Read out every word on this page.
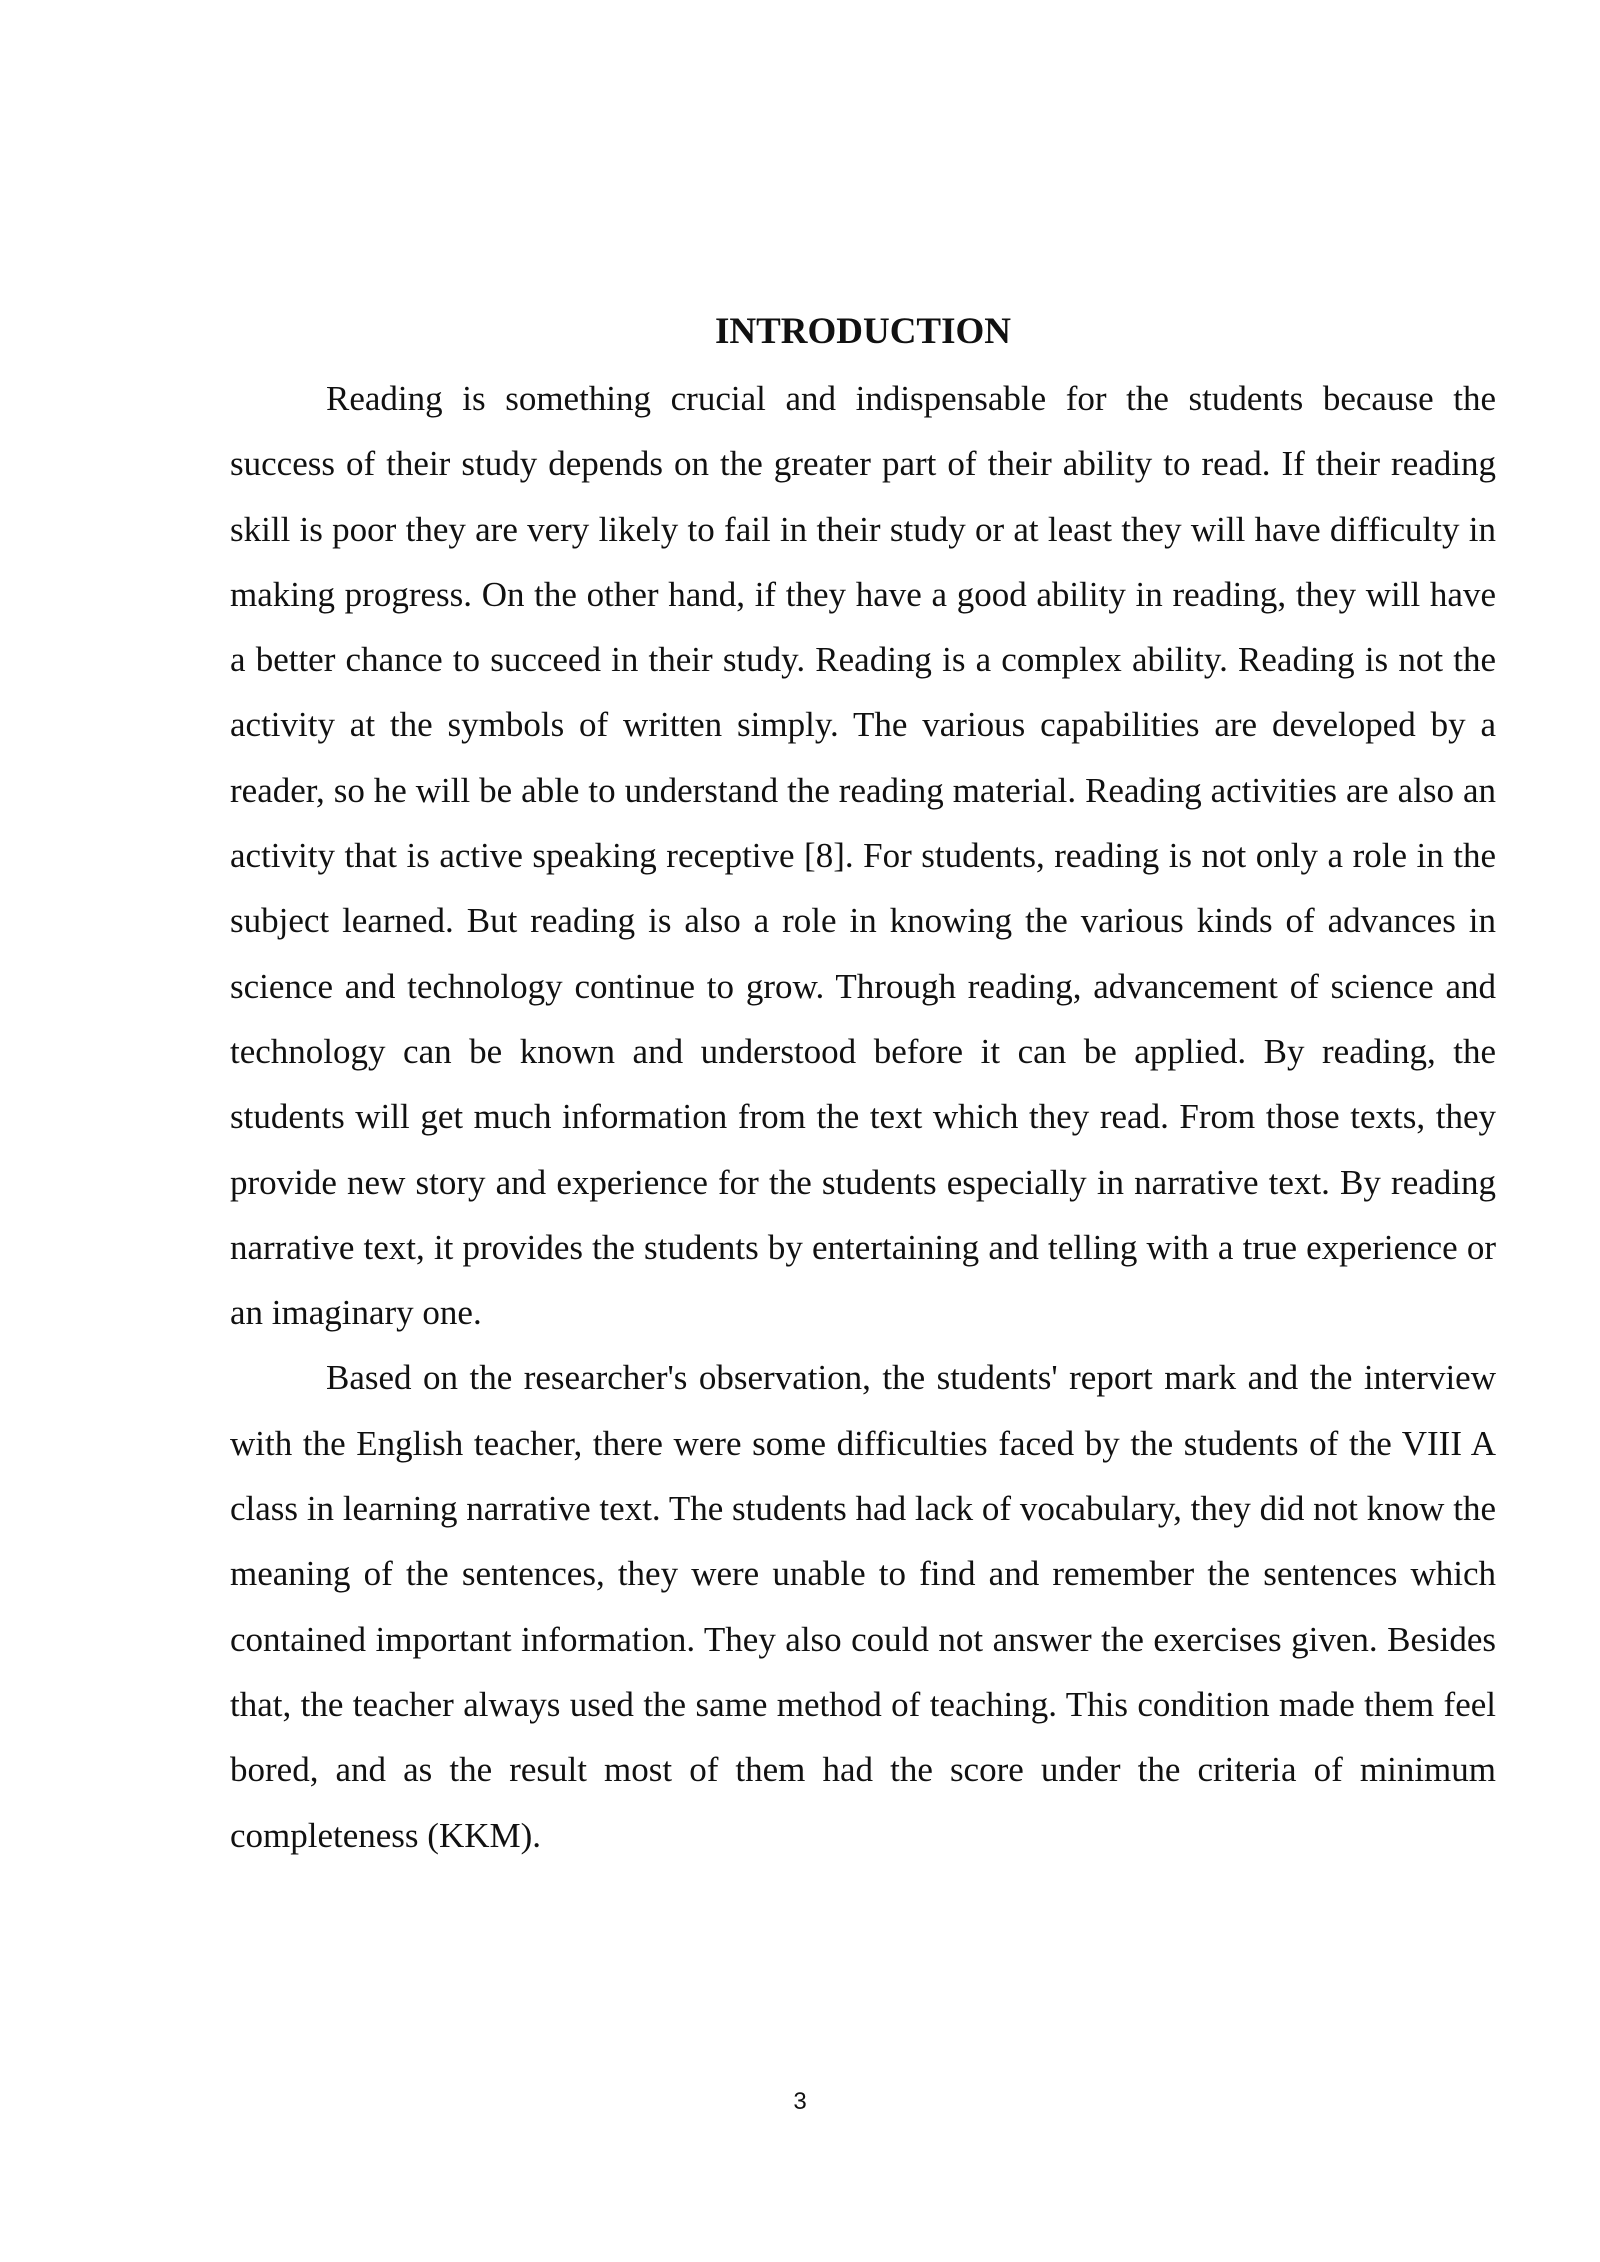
INTRODUCTION

Reading is something crucial and indispensable for the students because the success of their study depends on the greater part of their ability to read. If their reading skill is poor they are very likely to fail in their study or at least they will have difficulty in making progress. On the other hand, if they have a good ability in reading, they will have a better chance to succeed in their study. Reading is a complex ability. Reading is not the activity at the symbols of written simply. The various capabilities are developed by a reader, so he will be able to understand the reading material. Reading activities are also an activity that is active speaking receptive [8]. For students, reading is not only a role in the subject learned. But reading is also a role in knowing the various kinds of advances in science and technology continue to grow. Through reading, advancement of science and technology can be known and understood before it can be applied. By reading, the students will get much information from the text which they read. From those texts, they provide new story and experience for the students especially in narrative text. By reading narrative text, it provides the students by entertaining and telling with a true experience or an imaginary one.

Based on the researcher's observation, the students' report mark and the interview with the English teacher, there were some difficulties faced by the students of the VIII A class in learning narrative text. The students had lack of vocabulary, they did not know the meaning of the sentences, they were unable to find and remember the sentences which contained important information. They also could not answer the exercises given. Besides that, the teacher always used the same method of teaching. This condition made them feel bored, and as the result most of them had the score under the criteria of minimum completeness (KKM).

3
